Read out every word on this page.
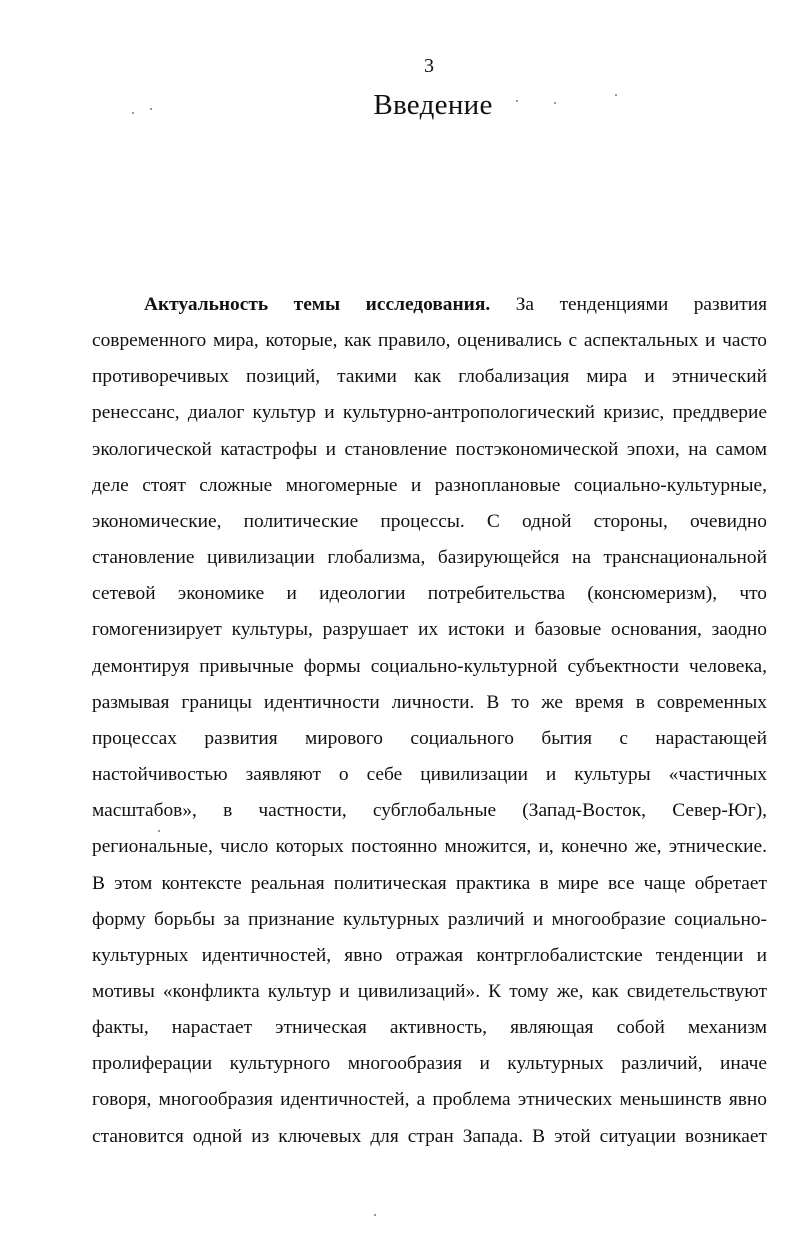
3
Введение
Актуальность темы исследования. За тенденциями развития
современного мира, которые, как правило, оценивались с аспектальных и часто
противоречивых позиций, такими как глобализация мира и этнический
ренессанс, диалог культур и культурно-антропологический кризис, преддверие
экологической катастрофы и становление постэкономической эпохи, на самом
деле стоят сложные многомерные и разноплановые социально-культурные,
экономические, политические процессы. С одной стороны, очевидно
становление цивилизации глобализма, базирующейся на транснациональной
сетевой экономике и идеологии потребительства (консюмеризм), что
гомогенизирует культуры, разрушает их истоки и базовые основания, заодно
демонтируя привычные формы социально-культурной субъектности человека,
размывая границы идентичности личности. В то же время в современных
процессах развития мирового социального бытия с нарастающей
настойчивостью заявляют о себе цивилизации и культуры «частичных
масштабов», в частности, субглобальные (Запад-Восток, Север-Юг),
региональные, число которых постоянно множится, и, конечно же, этнические.
В этом контексте реальная политическая практика в мире все чаще обретает
форму борьбы за признание культурных различий и многообразие социально-
культурных идентичностей, явно отражая контрглобалистские тенденции и
мотивы «конфликта культур и цивилизаций». К тому же, как свидетельствуют
факты, нарастает этническая активность, являющая собой механизм
пролиферации культурного многообразия и культурных различий, иначе
говоря, многообразия идентичностей, а проблема этнических меньшинств явно
становится одной из ключевых для стран Запада. В этой ситуации возникает
